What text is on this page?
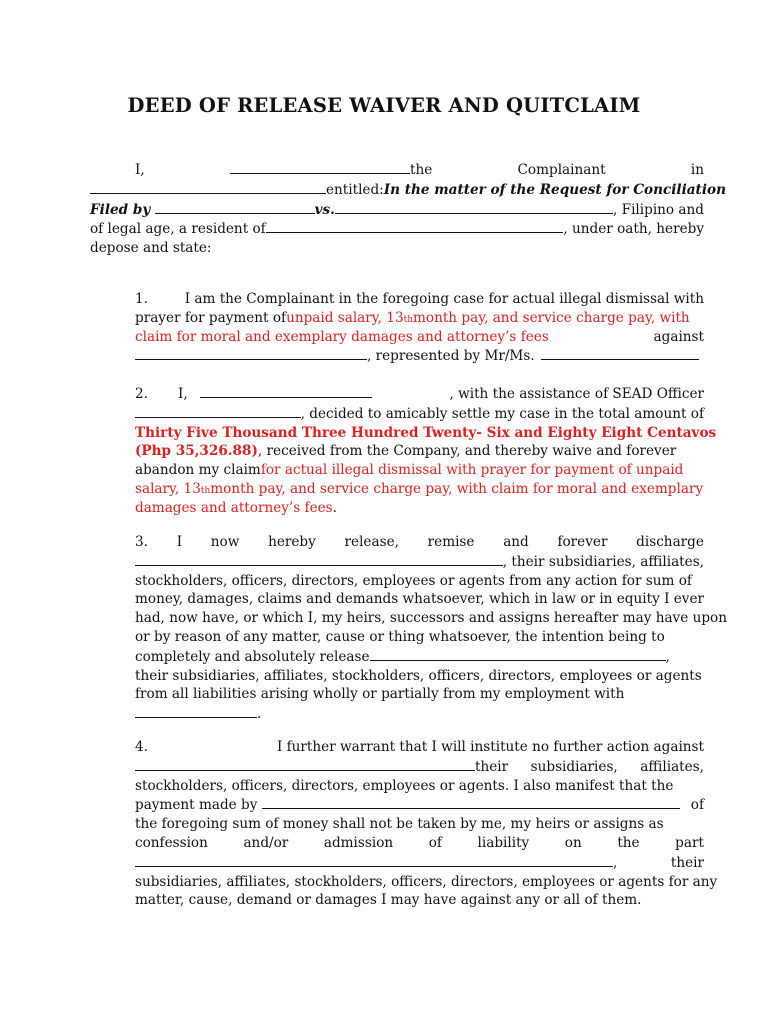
DEED OF RELEASE WAIVER AND QUITCLAIM
I,	the	Complainant	in
entitled: In the matter of the Request for Conciliation
Filed by	vs.	, Filipino and
of legal age, a resident of	, under oath, hereby
depose and state:
1.	I am the Complainant in the foregoing case for actual illegal dismissal with
prayer for payment of unpaid salary, 13 th month pay, and service charge pay, with
claim for moral and exemplary damages and attorney’s fees	against
, represented by Mr/Ms.
2. I,	, with the assistance of SEAD Officer
, decided to amicably settle my case in the total amount of
Thirty Five Thousand Three Hundred Twenty- Six and Eighty Eight Centavos
(Php 35,326.88) , received from the Company, and thereby waive and forever
abandon my claim for actual illegal dismissal with prayer for payment of unpaid
salary, 13 th month pay, and service charge pay, with claim for moral and exemplary
damages and attorney’s fees .
3. I now hereby release, remise and forever discharge
, their subsidiaries, affiliates,
stockholders, officers, directors, employees or agents from any action for sum of
money, damages, claims and demands whatsoever, which in law or in equity I ever
had, now have, or which I, my heirs, successors and assigns hereafter may have upon
or by reason of any matter, cause or thing whatsoever, the intention being to
completely and absolutely release	,
their subsidiaries, affiliates, stockholders, officers, directors, employees or agents
from all liabilities arising wholly or partially from my employment with
.
4.	I further warrant that I will institute no further action against
their subsidiaries, affiliates,
stockholders, officers, directors, employees or agents. I also manifest that the
payment made by	of
the foregoing sum of money shall not be taken by me, my heirs or assigns as
confession	and/or	admission	of	liability	on	the	part
,	their
subsidiaries, affiliates, stockholders, officers, directors, employees or agents for any
matter, cause, demand or damages I may have against any or all of them.
